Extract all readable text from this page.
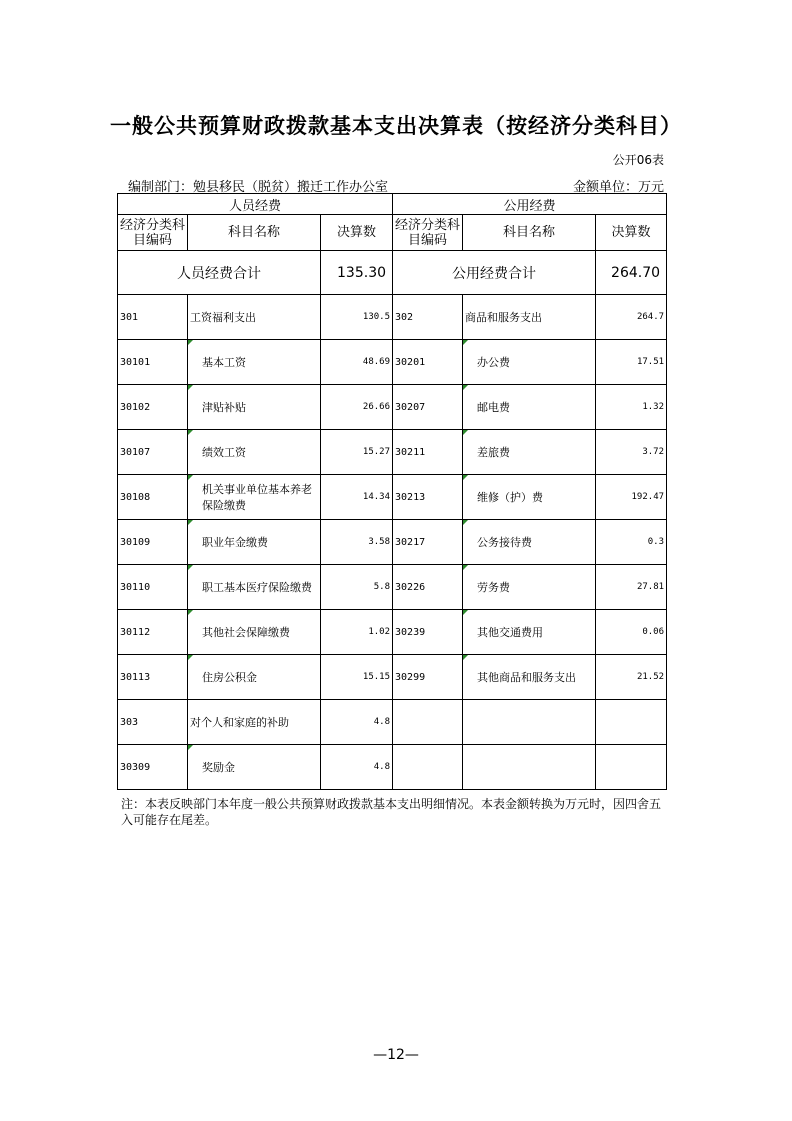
一般公共预算财政拨款基本支出决算表（按经济分类科目）
公开06表
编制部门：勉县移民（脱贫）搬迁工作办公室	金额单位：万元
人员经费			公用经费		
经济分类科目编码	科目名称	决算数	经济分类科目编码	科目名称	决算数
人员经费合计		135.30	公用经费合计		264.70
301	工资福利支出	130.5	302	商品和服务支出	264.7
30101	基本工资	48.69	30201	办公费	17.51
30102	津贴补贴	26.66	30207	邮电费	1.32
30107	绩效工资	15.27	30211	差旅费	3.72
30108	机关事业单位基本养老保险缴费	14.34	30213	维修（护）费	192.47
30109	职业年金缴费	3.58	30217	公务接待费	0.3
30110	职工基本医疗保险缴费	5.8	30226	劳务费	27.81
30112	其他社会保障缴费	1.02	30239	其他交通费用	0.06
30113	住房公积金	15.15	30299	其他商品和服务支出	21.52
303	对个人和家庭的补助	4.8			
30309	奖励金	4.8			
注：本表反映部门本年度一般公共预算财政拨款基本支出明细情况。本表金额转换为万元时，因四舍五入可能存在尾差。
—12—
